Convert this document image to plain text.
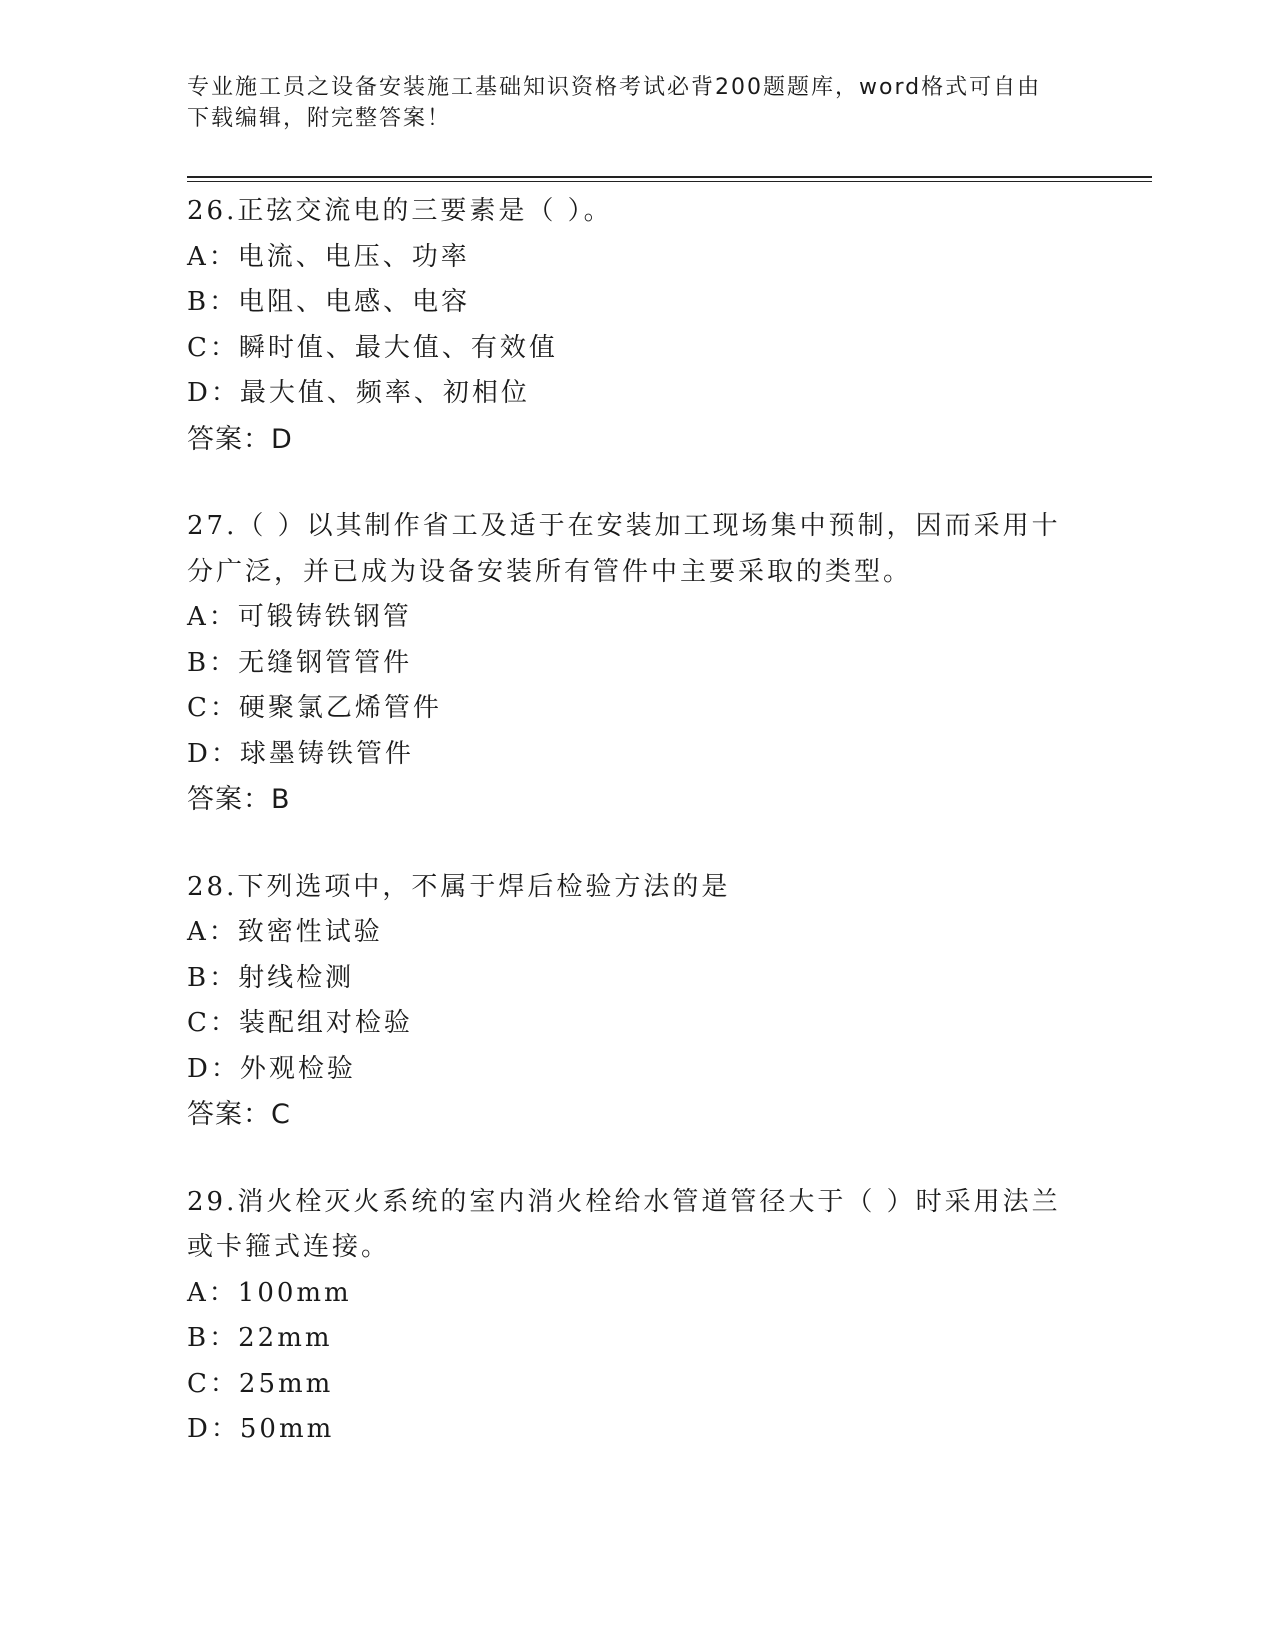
专业施工员之设备安装施工基础知识资格考试必背200题题库，word格式可自由
下载编辑，附完整答案！

26.正弦交流电的三要素是（ ）。

A：电流、电压、功率

B：电阻、电感、电容

C：瞬时值、最大值、有效值

D：最大值、频率、初相位

答案：D

27.（ ）以其制作省工及适于在安装加工现场集中预制，因而采用十分广泛，并已成为设备安装所有管件中主要采取的类型。

A：可锻铸铁钢管

B：无缝钢管管件

C：硬聚氯乙烯管件

D：球墨铸铁管件

答案：B

28.下列选项中，不属于焊后检验方法的是

A：致密性试验

B：射线检测

C：装配组对检验

D：外观检验

答案：C

29.消火栓灭火系统的室内消火栓给水管道管径大于（ ）时采用法兰或卡箍式连接。

A：100mm

B：22mm

C：25mm

D：50mm
